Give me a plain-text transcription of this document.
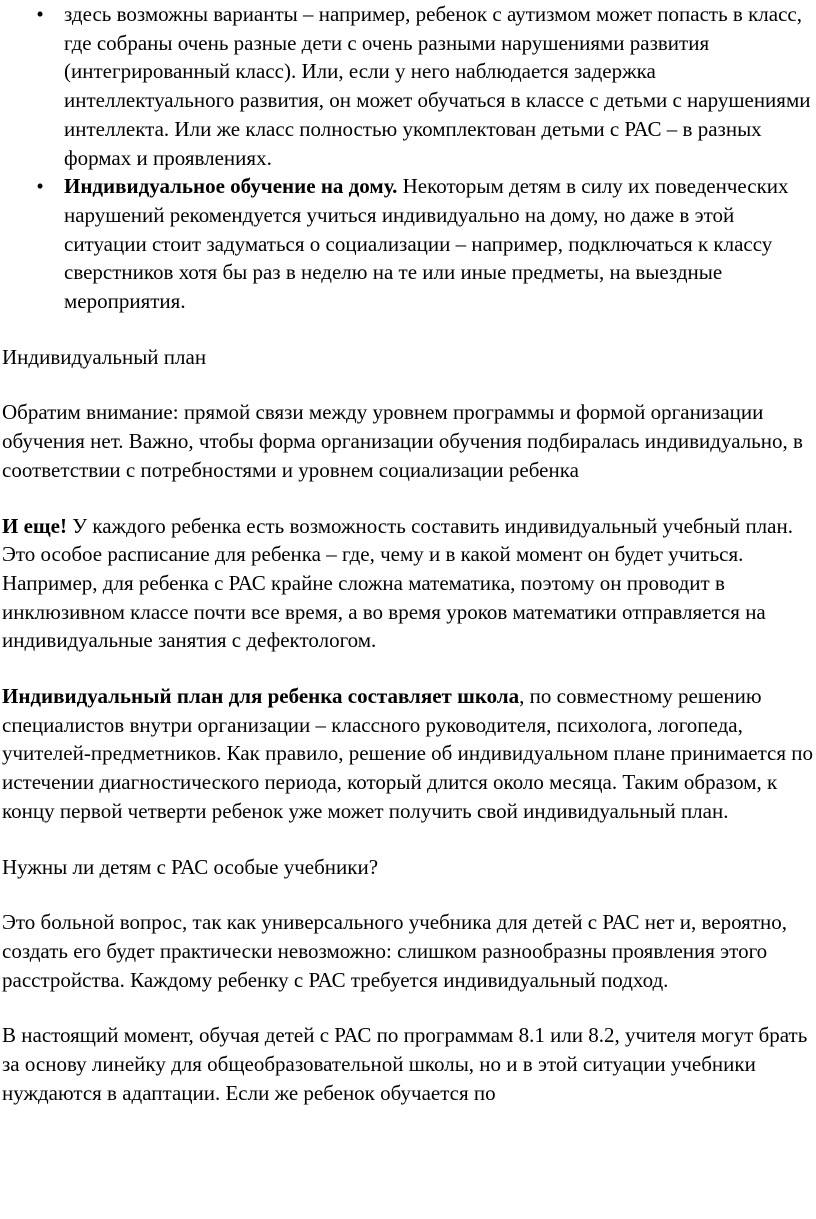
• здесь возможны варианты – например, ребенок с аутизмом может попасть в класс, где собраны очень разные дети с очень разными нарушениями развития (интегрированный класс). Или, если у него наблюдается задержка интеллектуального развития, он может обучаться в классе с детьми с нарушениями интеллекта. Или же класс полностью укомплектован детьми с РАС – в разных формах и проявлениях.
• Индивидуальное обучение на дому. Некоторым детям в силу их поведенческих нарушений рекомендуется учиться индивидуально на дому, но даже в этой ситуации стоит задуматься о социализации – например, подключаться к классу сверстников хотя бы раз в неделю на те или иные предметы, на выездные мероприятия.

Индивидуальный план

Обратим внимание: прямой связи между уровнем программы и формой организации обучения нет. Важно, чтобы форма организации обучения подбиралась индивидуально, в соответствии с потребностями и уровнем социализации ребенка

И еще! У каждого ребенка есть возможность составить индивидуальный учебный план. Это особое расписание для ребенка – где, чему и в какой момент он будет учиться. Например, для ребенка с РАС крайне сложна математика, поэтому он проводит в инклюзивном классе почти все время, а во время уроков математики отправляется на индивидуальные занятия с дефектологом.

Индивидуальный план для ребенка составляет школа, по совместному решению специалистов внутри организации – классного руководителя, психолога, логопеда, учителей-предметников. Как правило, решение об индивидуальном плане принимается по истечении диагностического периода, который длится около месяца. Таким образом, к концу первой четверти ребенок уже может получить свой индивидуальный план.

Нужны ли детям с РАС особые учебники?

Это больной вопрос, так как универсального учебника для детей с РАС нет и, вероятно, создать его будет практически невозможно: слишком разнообразны проявления этого расстройства. Каждому ребенку с РАС требуется индивидуальный подход.

В настоящий момент, обучая детей с РАС по программам 8.1 или 8.2, учителя могут брать за основу линейку для общеобразовательной школы, но и в этой ситуации учебники нуждаются в адаптации. Если же ребенок обучается по
